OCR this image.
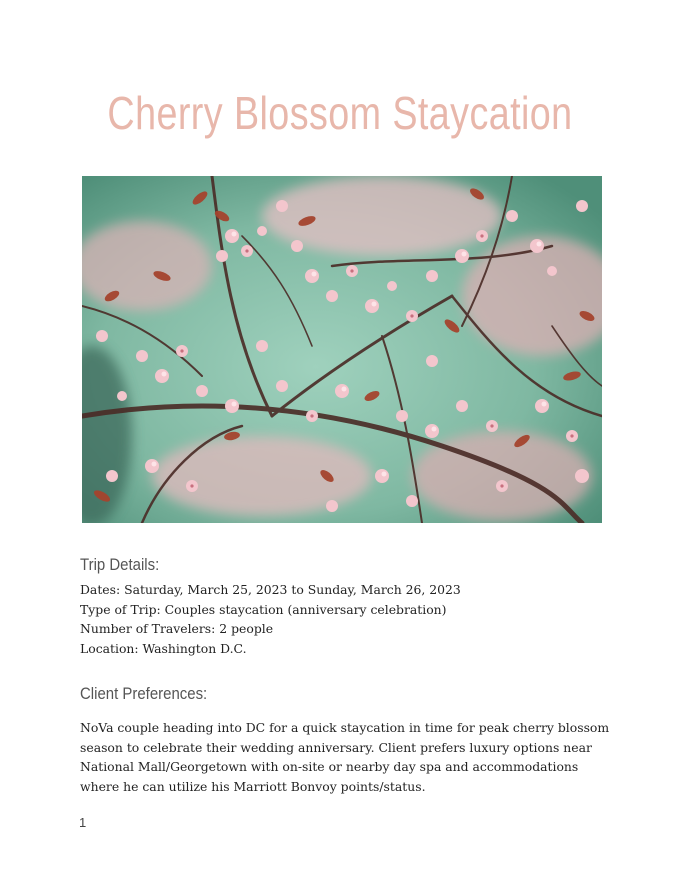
Cherry Blossom Staycation
Trip Details:
Dates: Saturday, March 25, 2023 to Sunday, March 26, 2023
Type of Trip: Couples staycation (anniversary celebration)
Number of Travelers: 2 people
Location: Washington D.C.
Client Preferences:

NoVa couple heading into DC for a quick staycation in time for peak cherry blossom season to celebrate their wedding anniversary. Client prefers luxury options near National Mall/Georgetown with on-site or nearby day spa and accommodations where he can utilize his Marriott Bonvoy points/status.

1
